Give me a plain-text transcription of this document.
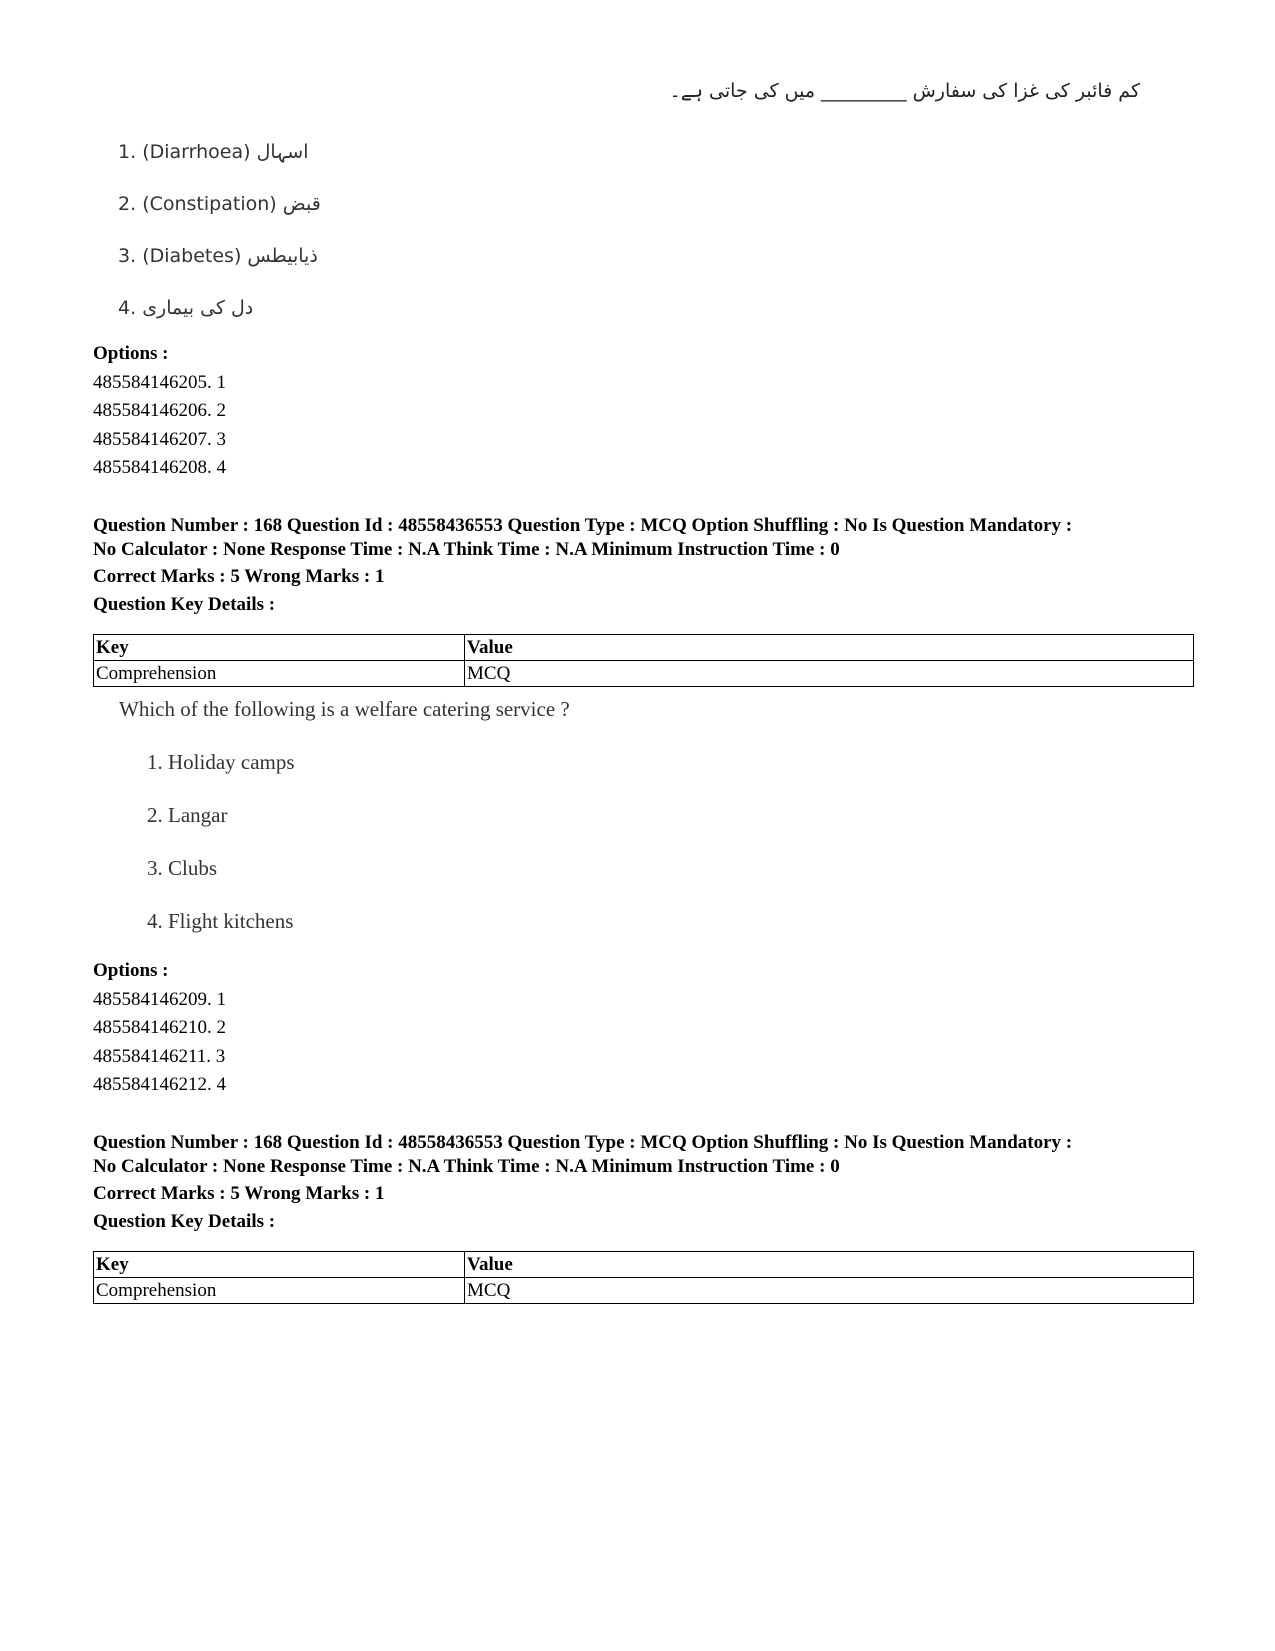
کم فائبر کی غزا کی سفارش _________ میں کی جاتی ہے۔
1. (Diarrhoea) اسہال
2. (Constipation) قبض
3. (Diabetes) ذیابیطس
4. دل کی بیماری
Options :
485584146205. 1
485584146206. 2
485584146207. 3
485584146208. 4
Question Number : 168 Question Id : 48558436553 Question Type : MCQ Option Shuffling : No Is Question Mandatory :
No Calculator : None Response Time : N.A Think Time : N.A Minimum Instruction Time : 0
Correct Marks : 5 Wrong Marks : 1
Question Key Details :
Key	Value
Comprehension	MCQ
Which of the following is a welfare catering service ?
1. Holiday camps
2. Langar
3. Clubs
4. Flight kitchens
Options :
485584146209. 1
485584146210. 2
485584146211. 3
485584146212. 4
Question Number : 168 Question Id : 48558436553 Question Type : MCQ Option Shuffling : No Is Question Mandatory :
No Calculator : None Response Time : N.A Think Time : N.A Minimum Instruction Time : 0
Correct Marks : 5 Wrong Marks : 1
Question Key Details :
Key	Value
Comprehension	MCQ
